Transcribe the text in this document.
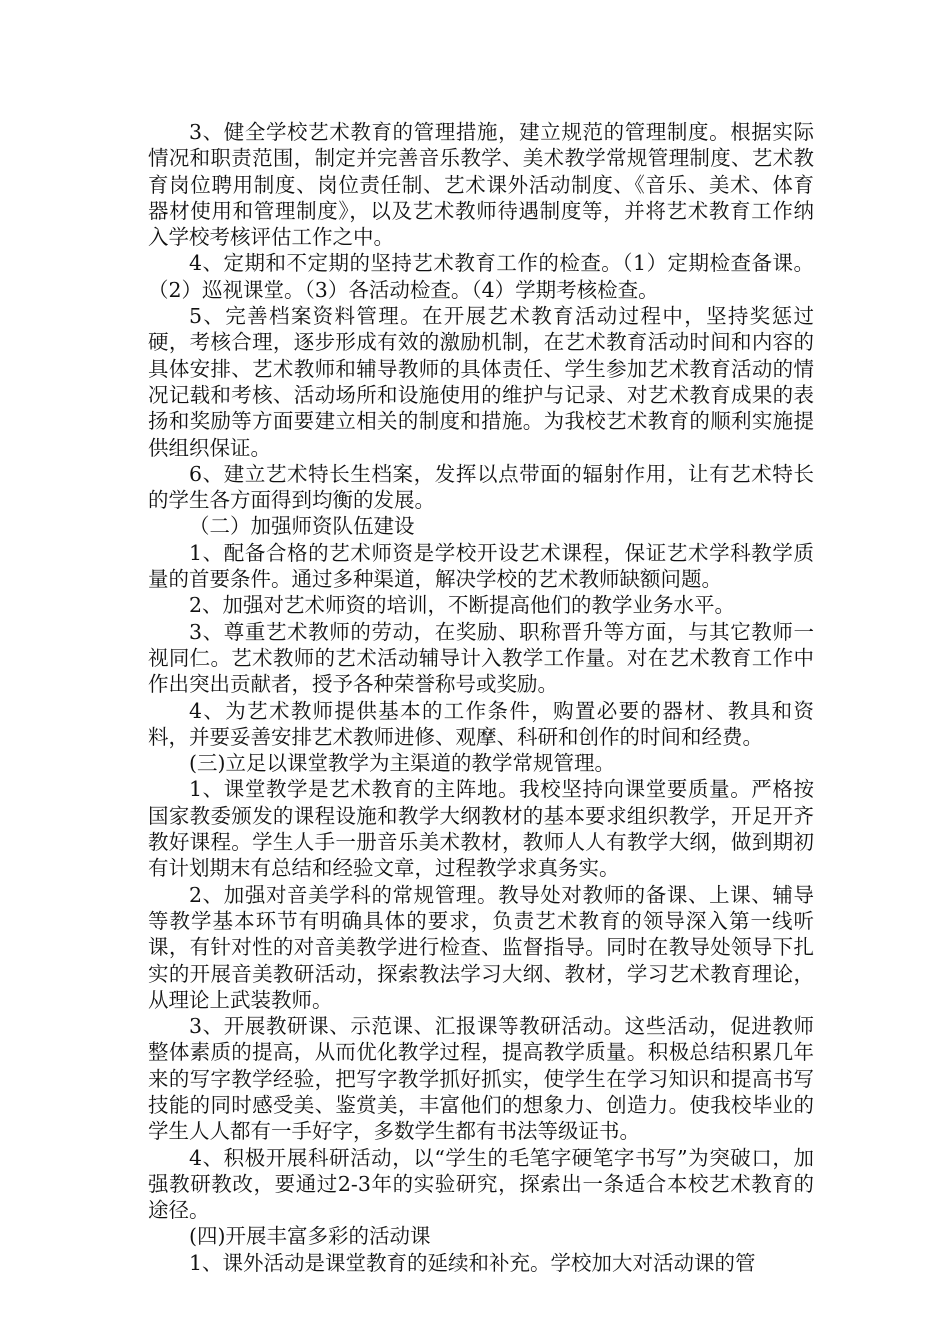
3、健全学校艺术教育的管理措施，建立规范的管理制度。根据实际情况和职责范围，制定并完善音乐教学、美术教学常规管理制度、艺术教育岗位聘用制度、岗位责任制、艺术课外活动制度、《音乐、美术、体育器材使用和管理制度》，以及艺术教师待遇制度等，并将艺术教育工作纳入学校考核评估工作之中。

4、定期和不定期的坚持艺术教育工作的检查。（1）定期检查备课。（2）巡视课堂。（3）各活动检查。（4）学期考核检查。

5、完善档案资料管理。在开展艺术教育活动过程中，坚持奖惩过硬，考核合理，逐步形成有效的激励机制，在艺术教育活动时间和内容的具体安排、艺术教师和辅导教师的具体责任、学生参加艺术教育活动的情况记载和考核、活动场所和设施使用的维护与记录、对艺术教育成果的表扬和奖励等方面要建立相关的制度和措施。为我校艺术教育的顺利实施提供组织保证。

6、建立艺术特长生档案，发挥以点带面的辐射作用，让有艺术特长的学生各方面得到均衡的发展。

（二）加强师资队伍建设

1、配备合格的艺术师资是学校开设艺术课程，保证艺术学科教学质量的首要条件。通过多种渠道，解决学校的艺术教师缺额问题。

2、加强对艺术师资的培训，不断提高他们的教学业务水平。

3、尊重艺术教师的劳动，在奖励、职称晋升等方面，与其它教师一视同仁。艺术教师的艺术活动辅导计入教学工作量。对在艺术教育工作中作出突出贡献者，授予各种荣誉称号或奖励。

4、为艺术教师提供基本的工作条件，购置必要的器材、教具和资料，并要妥善安排艺术教师进修、观摩、科研和创作的时间和经费。

(三)立足以课堂教学为主渠道的教学常规管理。

1、课堂教学是艺术教育的主阵地。我校坚持向课堂要质量。严格按国家教委颁发的课程设施和教学大纲教材的基本要求组织教学，开足开齐教好课程。学生人手一册音乐美术教材，教师人人有教学大纲，做到期初有计划期末有总结和经验文章，过程教学求真务实。

2、加强对音美学科的常规管理。教导处对教师的备课、上课、辅导等教学基本环节有明确具体的要求，负责艺术教育的领导深入第一线听课，有针对性的对音美教学进行检查、监督指导。同时在教导处领导下扎实的开展音美教研活动，探索教法学习大纲、教材，学习艺术教育理论，从理论上武装教师。

3、开展教研课、示范课、汇报课等教研活动。这些活动，促进教师整体素质的提高，从而优化教学过程，提高教学质量。积极总结积累几年来的写字教学经验，把写字教学抓好抓实，使学生在学习知识和提高书写技能的同时感受美、鉴赏美，丰富他们的想象力、创造力。使我校毕业的学生人人都有一手好字，多数学生都有书法等级证书。

4、积极开展科研活动，以“学生的毛笔字硬笔字书写”为突破口，加强教研教改，要通过2-3年的实验研究，探索出一条适合本校艺术教育的途径。

(四)开展丰富多彩的活动课

1、课外活动是课堂教育的延续和补充。学校加大对活动课的管
